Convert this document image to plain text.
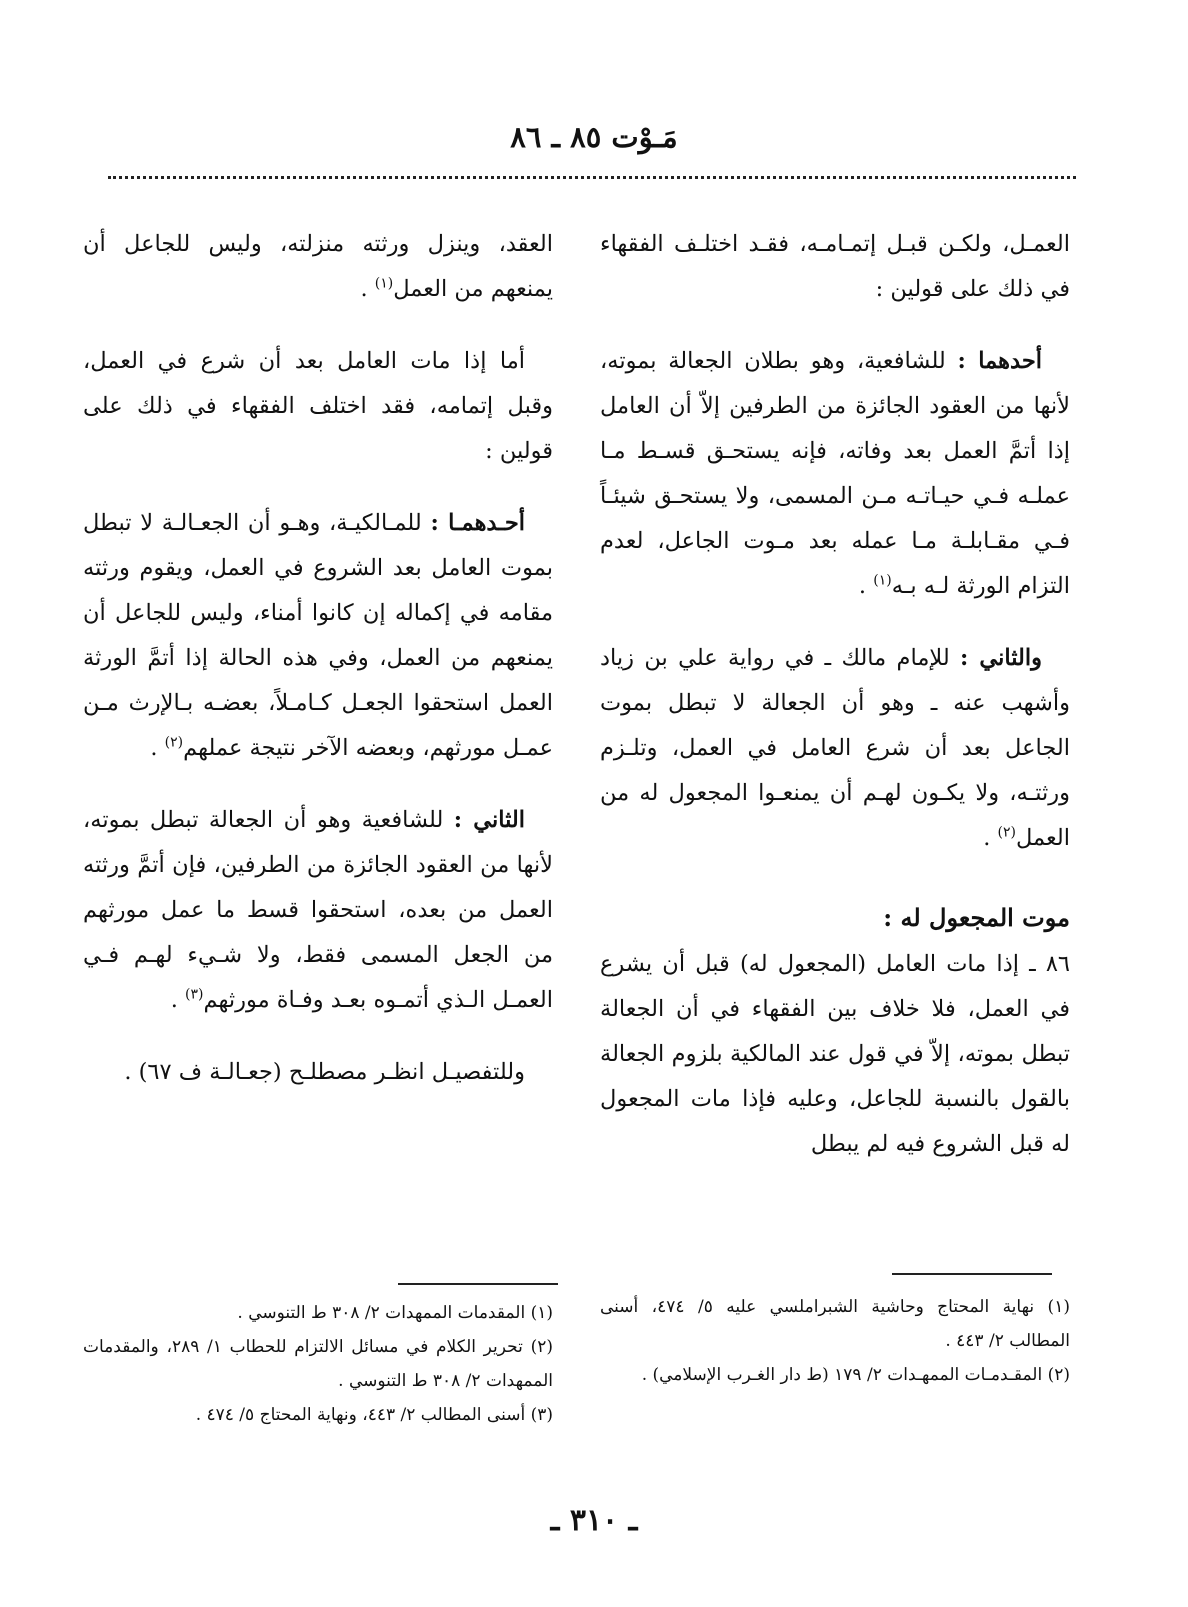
مَـوْت ٨٥ ـ ٨٦

العمـل، ولكـن قبـل إتمـامـه، فقـد اختلـف الفقهاء في ذلك على قولين :

أحدهما : للشافعية، وهو بطلان الجعالة بموته، لأنها من العقود الجائزة من الطرفين إلاّ أن العامل إذا أتمَّ العمل بعد وفاته، فإنه يستحـق قسـط مـا عملـه فـي حيـاتـه مـن المسمى، ولا يستحـق شيئـاً فـي مقـابلـة مـا عمله بعد مـوت الجاعل، لعدم التزام الورثة لـه بـه$^{(١)}$ .

والثاني : للإمام مالك ـ في رواية علي بن زياد وأشهب عنه ـ وهو أن الجعالة لا تبطل بموت الجاعل بعد أن شرع العامل في العمل، وتلـزم ورثتـه، ولا يكـون لهـم أن يمنعـوا المجعول له من العمل$^{(٢)}$ .

موت المجعول له :

٨٦ ـ إذا مات العامل (المجعول له) قبل أن يشرع في العمل، فلا خلاف بين الفقهاء في أن الجعالة تبطل بموته، إلاّ في قول عند المالكية بلزوم الجعالة بالقول بالنسبة للجاعل، وعليه فإذا مات المجعول له قبل الشروع فيه لم يبطل

العقد، وينزل ورثته منزلته، وليس للجاعل أن يمنعهم من العمل$^{(١)}$ .

أما إذا مات العامل بعد أن شرع في العمل، وقبل إتمامه، فقد اختلف الفقهاء في ذلك على قولين :

أحـدهمـا : للمـالكيـة، وهـو أن الجعـالـة لا تبطل بموت العامل بعد الشروع في العمل، ويقوم ورثته مقامه في إكماله إن كانوا أمناء، وليس للجاعل أن يمنعهم من العمل، وفي هذه الحالة إذا أتمَّ الورثة العمل استحقوا الجعـل كـامـلاً، بعضـه بـالإرث مـن عمـل مورثهم، وبعضه الآخر نتيجة عملهم$^{(٢)}$ .

الثاني : للشافعية وهو أن الجعالة تبطل بموته، لأنها من العقود الجائزة من الطرفين، فإن أتمَّ ورثته العمل من بعده، استحقوا قسط ما عمل مورثهم من الجعل المسمى فقط، ولا شـيء لهـم فـي العمـل الـذي أتمـوه بعـد وفـاة مورثهم$^{(٣)}$ .

وللتفصيـل انظـر مصطلـح (جعـالـة ف ٦٧) .

(١) نهاية المحتاج وحاشية الشبراملسي عليه ٥/ ٤٧٤، أسنى المطالب ٢/ ٤٤٣ .
(٢) المقـدمـات الممهـدات ٢/ ١٧٩ (ط دار الغـرب الإسلامي) .
(١) المقدمات الممهدات ٢/ ٣٠٨ ط التنوسي .
(٢) تحرير الكلام في مسائل الالتزام للحطاب ١/ ٢٨٩، والمقدمات الممهدات ٢/ ٣٠٨ ط التنوسي .
(٣) أسنى المطالب ٢/ ٤٤٣، ونهاية المحتاج ٥/ ٤٧٤ .
ـ ٣١٠ ـ
